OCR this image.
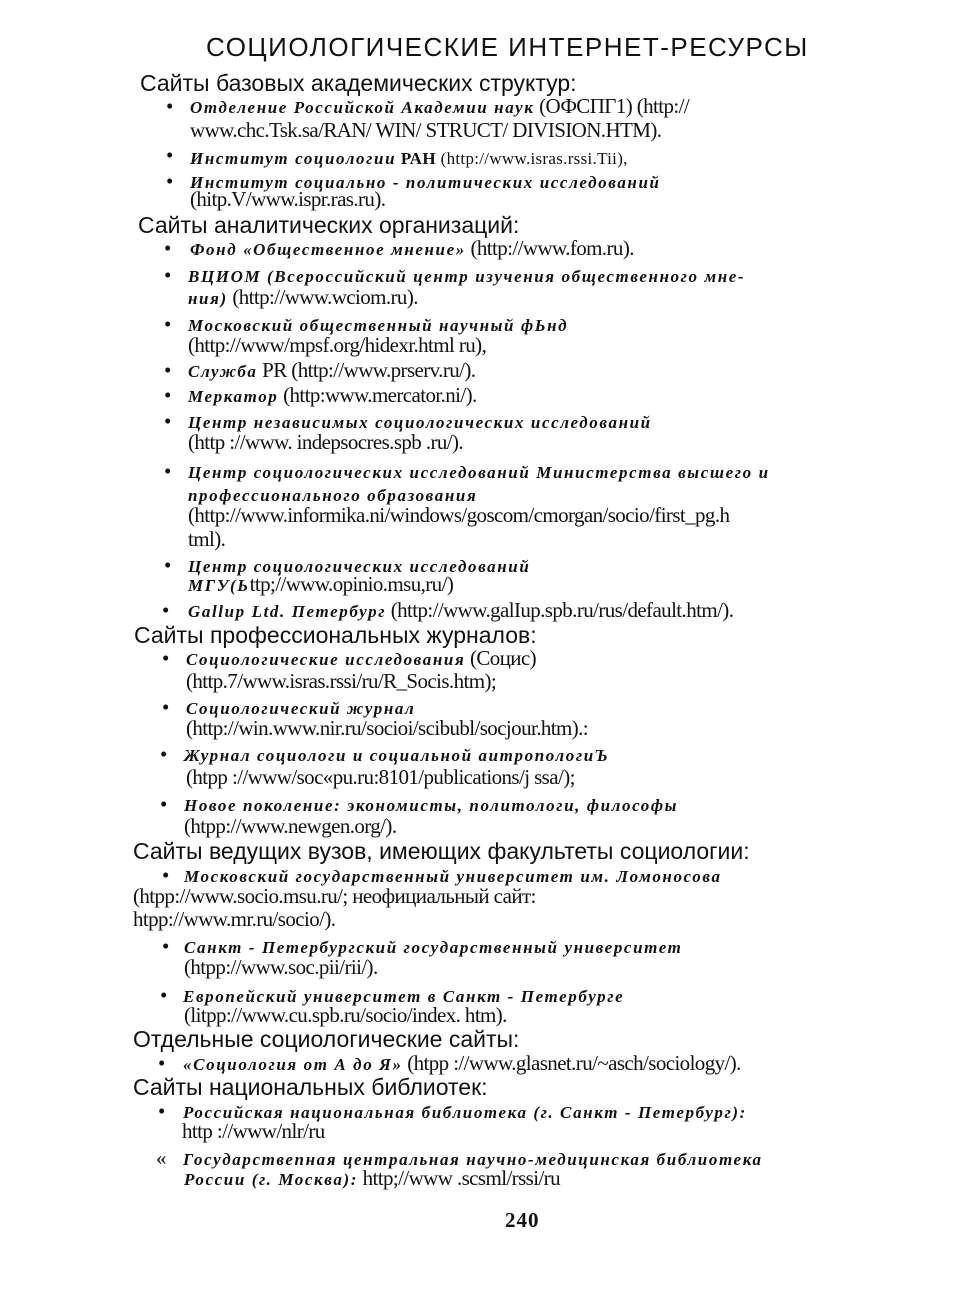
СОЦИОЛОГИЧЕСКИЕ ИНТЕРНЕТ-РЕСУРСЫ
Сайты базовых академических структур:
• Отделение Российской Академии наук (ОФСПГ1) (http://
www.chc.Tsk.sa/RAN/ WIN/ STRUCT/ DIVISION.HTM).
• Институт социологии РАН (http://www.isras.rssi.Tii),
• Институт социально - политических исследований
(hitp.V/www.ispr.ras.ru).
Сайты аналитических организаций:
• Фонд «Общественное мнение» (http://www.fom.ru).
• ВЦИОМ (Всероссийский центр изучения общественного мне-
ния) (http://www.wciom.ru).
• Московский общественный научный фЬнд
(http://www/mpsf.org/hidexr.html ru),
• Служба PR (http://www.prserv.ru/).
• Меркатор (http:www.mercator.ni/).
• Центр независимых социологических исследований
(http ://www. indepsocres.spb .ru/).
• Центр социологических исследований Министерства высшего и
профессионального образования
(http://www.informika.ni/windows/goscom/cmorgan/socio/first_pg.h
tml).
• Центр социологических исследований
МГУ(Ьttp;//www.opinio.msu,ru/)
• Gallup Ltd. Петербург (http://www.galIup.spb.ru/rus/default.htm/).
Сайты профессиональных журналов:
• Социологические исследования (Социс)
(http.7/www.isras.rssi/ru/R_Socis.htm);
• Социологический журнал
(http://win.www.nir.ru/socioi/scibubl/socjour.htm).:
• Журнал социологи и социальной аитропологиЪ
(htpp ://www/soc«pu.ru:8101/publications/j ssa/);
• Новое поколение: экономисты, политологи, философы
(htpp://www.newgen.org/).
Сайты ведущих вузов, имеющих факультеты социологии:
• Московский государственный университет им. Ломоносова
(htpp://www.socio.msu.ru/; неофициальный сайт:
htpp://www.mr.ru/socio/).
• Санкт - Петербургский государственный университет
(htpp://www.soc.pii/rii/).
• Европейский университет в Санкт - Петербурге
(litpp://www.cu.spb.ru/socio/index. htm).
Отдельные социологические сайты:
• «Социология от А до Я» (htpp ://www.glasnet.ru/~asch/sociology/).
Сайты национальных библиотек:
• Российская национальная библиотека (г. Санкт - Петербург):
http ://www/nlr/ru
« Государствепная центральная научно-медицинская библиотека
России (г. Москва): http;//www .scsml/rssi/ru
240
